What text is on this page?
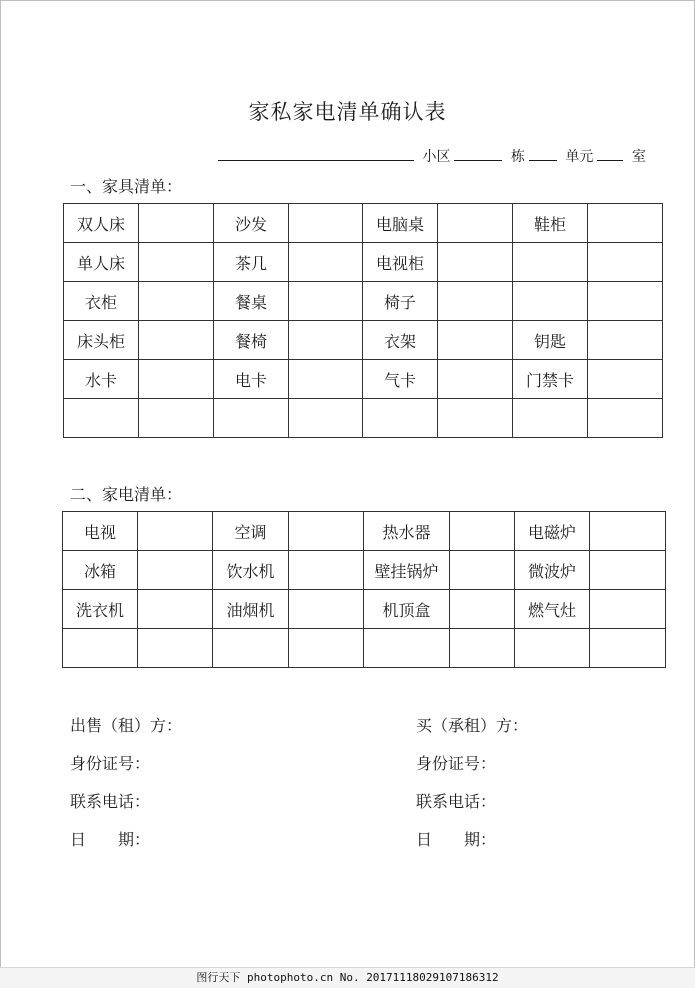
家私家电清单确认表
小区	栋	单元	室
一、家具清单：
双人床		沙发		电脑桌		鞋柜	
单人床		茶几		电视柜			
衣柜		餐桌		椅子			
床头柜		餐椅		衣架		钥匙	
水卡		电卡		气卡		门禁卡	

二、家电清单：
电视		空调		热水器		电磁炉	
冰箱		饮水机		壁挂锅炉		微波炉	
洗衣机		油烟机		机顶盒		燃气灶	

出售（租）方：	买（承租）方：
身份证号：	身份证号：
联系电话：	联系电话：
日　　期：	日　　期：
图行天下 photophoto.cn No. 20171118029107186312
